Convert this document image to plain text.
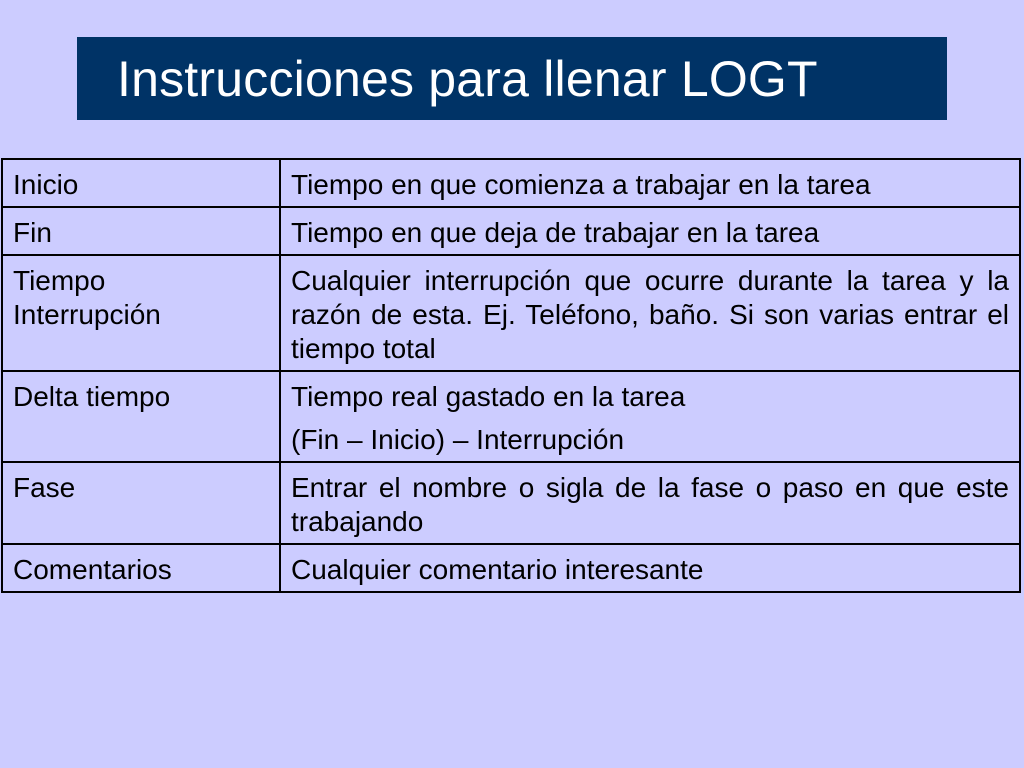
Instrucciones para llenar LOGT
Inicio	Tiempo en que comienza a trabajar en la tarea

Fin	Tiempo en que deja de trabajar en la tarea

Tiempo
Interrupción	Cualquier interrupción que ocurre durante la tarea y la razón de esta. Ej. Teléfono, baño. Si son varias entrar el tiempo total

Delta tiempo	Tiempo real gastado en la tarea
(Fin – Inicio) – Interrupción

Fase	Entrar el nombre o sigla de la fase o paso en que este trabajando

Comentarios	Cualquier comentario interesante
